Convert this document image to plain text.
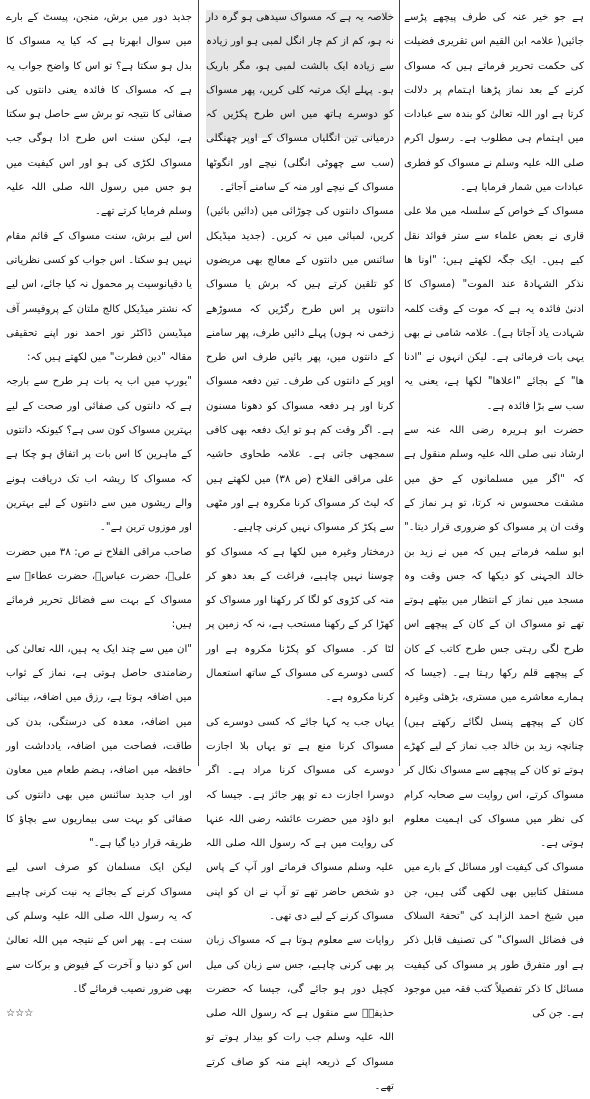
ہے جو خیر عنہ کی طرف پیچھے پڑسے جائیں( علامہ ابن القیم اس تقریری فضیلت کی حکمت تحریر فرماتے ہیں کہ مسواک کرنے کے بعد نماز پڑھنا اہتمام پر دلالت کرتا ہے اور اللہ تعالیٰ کو بندہ سے عبادات میں اہتمام ہی مطلوب ہے۔ رسول اکرم صلی اللہ علیہ وسلم نے مسواک کو فطری عبادات میں شمار فرمایا ہے۔

مسواک کے خواص کے سلسلہ میں ملا علی قاری نے بعض علماء سے ستر فوائد نقل کیے ہیں۔ ایک جگہ لکھتے ہیں: "اونا ھا نذکر الشہادۃ عند الموت" (مسواک کا ادنیٰ فائدہ یہ ہے کہ موت کے وقت کلمہ شہادت یاد آجاتا ہے)۔ علامہ شامی نے بھی یہی بات فرمائی ہے۔ لیکن انہوں نے "ادنا ھا" کے بجائے "اعلاھا" لکھا ہے، یعنی یہ سب سے بڑا فائدہ ہے۔

حضرت ابو ہریرہ رضی اللہ عنہ سے ارشاد نبی صلی اللہ علیہ وسلم منقول ہے کہ "اگر میں مسلمانوں کے حق میں مشقت محسوس نہ کرتا، تو ہر نماز کے وقت ان پر مسواک کو ضروری قرار دیتا۔" ابو سلمہ فرماتے ہیں کہ میں نے زید بن خالد الجہنی کو دیکھا کہ جس وقت وہ مسجد میں نماز کے انتظار میں بیٹھے ہوتے تھے تو مسواک ان کے کان کے پیچھے اس طرح لگی رہتی جس طرح کاتب کے کان کے پیچھے قلم رکھا رہتا ہے۔ (جیسا کہ ہمارے معاشرے میں مستری، بڑھئی وغیرہ کان کے پیچھے پنسل لگائے رکھتے ہیں) چنانچہ زید بن خالد جب نماز کے لیے کھڑے ہوتے تو کان کے پیچھے سے مسواک نکال کر مسواک کرتے، اس روایت سے صحابہ کرام کی نظر میں مسواک کی اہمیت معلوم ہوتی ہے۔

مسواک کی کیفیت اور مسائل کے بارے میں مستقل کتابیں بھی لکھی گئی ہیں، جن میں شیخ احمد الزاہد کی "تحفۃ السلاک فی فضائل السواک" کی تصنیف قابل ذکر ہے اور متفرق طور پر مسواک کی کیفیت مسائل کا ذکر تفصیلاً کتب فقہ میں موجود ہے۔ جن کی

خلاصہ یہ ہے کہ مسواک سیدھی ہو گرہ دار نہ ہو، کم از کم چار انگل لمبی ہو اور زیادہ سے زیادہ ایک بالشت لمبی ہو، مگر باریک ہو۔ پہلے ایک مرتبہ کلی کریں، پھر مسواک کو دوسرے ہاتھ میں اس طرح پکڑیں کہ درمیانی تین انگلیاں مسواک کے اوپر چھنگلی (سب سے چھوٹی انگلی) نیچے اور انگوٹھا مسواک کے نیچے اور منہ کے سامنے آجائے۔

مسواک دانتوں کی چوڑائی میں (دائیں بائیں) کریں، لمبائی میں نہ کریں۔ (جدید میڈیکل سائنس میں دانتوں کے معالج بھی مریضوں کو تلقین کرتے ہیں کہ برش یا مسواک دانتوں پر اس طرح رگڑیں کہ مسوڑھے زخمی نہ ہوں) پہلے دائیں طرف، پھر سامنے کے دانتوں میں، پھر بائیں طرف اس طرح اوپر کے دانتوں کی طرف۔ تین دفعہ مسواک کرنا اور ہر دفعہ مسواک کو دھونا مسنون ہے۔ اگر وقت کم ہو تو ایک دفعہ بھی کافی سمجھی جاتی ہے۔ علامہ طحاوی حاشیہ علی مراقی الفلاح (ص ۳۸) میں لکھتے ہیں کہ لیٹ کر مسواک کرنا مکروہ ہے اور مٹھی سے پکڑ کر مسواک نہیں کرنی چاہیے۔

درمختار وغیرہ میں لکھا ہے کہ مسواک کو چوسنا نہیں چاہیے، فراغت کے بعد دھو کر منہ کی کڑوی کو لگا کر رکھنا اور مسواک کو کھڑا کر کے رکھنا مستحب ہے، نہ کہ زمین پر لٹا کر۔ مسواک کو پکڑنا مکروہ ہے اور کسی دوسرے کی مسواک کے ساتھ استعمال کرنا مکروہ ہے۔

یہاں جب یہ کہا جائے کہ کسی دوسرے کی مسواک کرنا منع ہے تو یہاں بلا اجازت دوسرے کی مسواک کرنا مراد ہے۔ اگر دوسرا اجازت دے تو پھر جائز ہے۔ جیسا کہ ابو داؤد میں حضرت عائشہ رضی اللہ عنہا کی روایت میں ہے کہ رسول اللہ صلی اللہ علیہ وسلم مسواک فرماتے اور آپ کے پاس دو شخص حاضر تھے تو آپ نے ان کو اپنی مسواک کرنے کے لیے دی تھی۔

روایات سے معلوم ہوتا ہے کہ مسواک زبان پر بھی کرنی چاہیے، جس سے زبان کی میل کچیل دور ہو جائے گی، جیسا کہ حضرت حذیفہؓ سے منقول ہے کہ رسول اللہ صلی اللہ علیہ وسلم جب رات کو بیدار ہوتے تو مسواک کے ذریعہ اپنے منہ کو صاف کرتے تھے۔

جدید دور میں برش، منجن، پیسٹ کے بارے میں سوال ابھرتا ہے کہ کیا یہ مسواک کا بدل ہو سکتا ہے؟ تو اس کا واضح جواب یہ ہے کہ مسواک کا فائدہ یعنی دانتوں کی صفائی کا نتیجہ تو برش سے حاصل ہو سکتا ہے، لیکن سنت اس طرح ادا ہوگی جب مسواک لکڑی کی ہو اور اس کیفیت میں ہو جس میں رسول اللہ صلی اللہ علیہ وسلم فرمایا کرتے تھے۔

اس لیے برش، سنت مسواک کے قائم مقام نہیں ہو سکتا۔ اس جواب کو کسی نظریاتی یا دقیانوسیت پر محمول نہ کیا جائے، اس لیے کہ نشتر میڈیکل کالج ملتان کے پروفیسر آف میڈیسن ڈاکٹر نور احمد نور اپنے تحقیقی مقالہ "دین فطرت" میں لکھتے ہیں کہ:

"یورپ میں اب یہ بات ہر طرح سے بارجہ ہے کہ دانتوں کی صفائی اور صحت کے لیے بہترین مسواک کون سی ہے؟ کیونکہ دانتوں کے ماہرین کا اس بات پر اتفاق ہو چکا ہے کہ مسواک کا ریشہ اب تک دریافت ہونے والے ریشوں میں سے دانتوں کے لیے بہترین اور موزوں ترین ہے"۔

صاحب مراقی الفلاح نے ص: ۳۸ میں حضرت علیؓ، حضرت عباسؓ، حضرت عطاءؒ سے مسواک کے بہت سے فضائل تحریر فرمائے ہیں:

"ان میں سے چند ایک یہ ہیں، اللہ تعالیٰ کی رضامندی حاصل ہوتی ہے، نماز کے ثواب میں اضافہ ہوتا ہے، رزق میں اضافہ، بینائی میں اضافہ، معدہ کی درستگی، بدن کی طاقت، فصاحت میں اضافہ، یادداشت اور حافظہ میں اضافہ، ہضم طعام میں معاون اور اب جدید سائنس میں بھی دانتوں کی صفائی کو بہت سی بیماریوں سے بچاؤ کا طریقہ قرار دیا گیا ہے۔"

لیکن ایک مسلمان کو صرف اسی لیے مسواک کرنے کے بجائے یہ نیت کرنی چاہیے کہ یہ رسول اللہ صلی اللہ علیہ وسلم کی سنت ہے۔ پھر اس کے نتیجہ میں اللہ تعالیٰ اس کو دنیا و آخرت کے فیوض و برکات سے بھی ضرور نصیب فرمائے گا۔

☆☆☆
